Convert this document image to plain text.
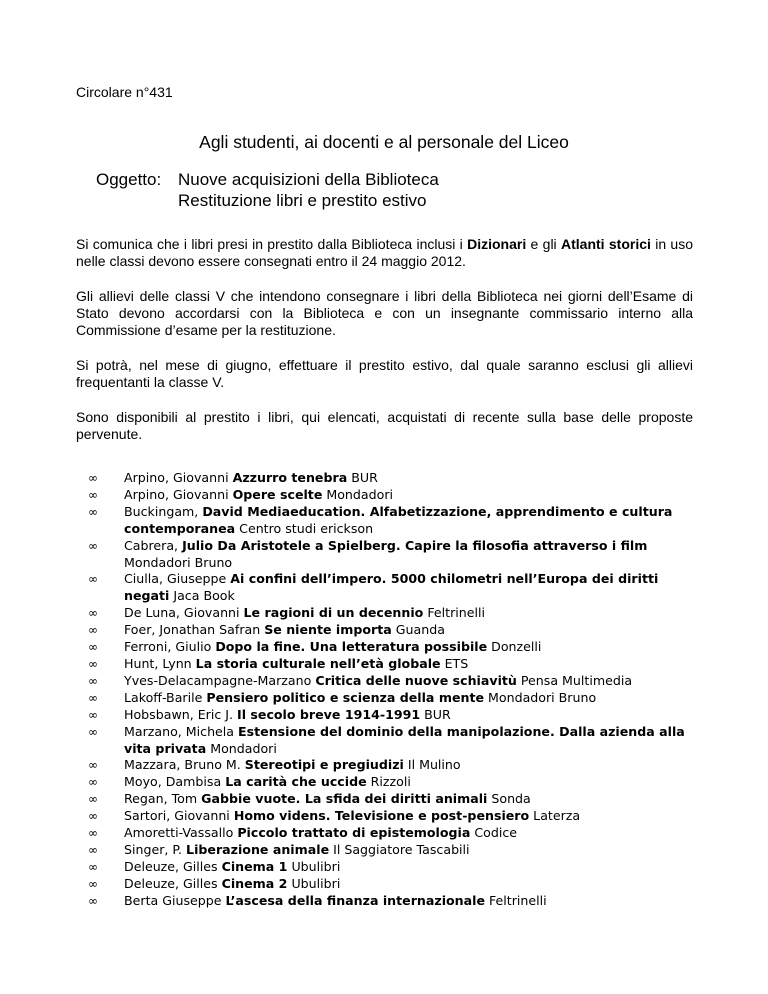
Circolare n°431
Agli studenti, ai docenti e al personale del Liceo
Oggetto: Nuove acquisizioni della Biblioteca
Restituzione libri e prestito estivo
Si comunica che i libri presi in prestito dalla Biblioteca inclusi i Dizionari e gli Atlanti storici in uso nelle classi devono essere consegnati entro il 24 maggio 2012.
Gli allievi delle classi V che intendono consegnare i libri della Biblioteca nei giorni dell’Esame di Stato devono accordarsi con la Biblioteca e con un insegnante commissario interno alla Commissione d’esame per la restituzione.
Si potrà, nel mese di giugno, effettuare il prestito estivo, dal quale saranno esclusi gli allievi frequentanti la classe V.
Sono disponibili al prestito i libri, qui elencati, acquistati di recente sulla base delle proposte pervenute.
∞ Arpino, Giovanni Azzurro tenebra BUR
∞ Arpino, Giovanni Opere scelte Mondadori
∞ Buckingam, David Mediaeducation. Alfabetizzazione, apprendimento e cultura contemporanea Centro studi erickson
∞ Cabrera, Julio Da Aristotele a Spielberg. Capire la filosofia attraverso i film Mondadori Bruno
∞ Ciulla, Giuseppe Ai confini dell’impero. 5000 chilometri nell’Europa dei diritti negati Jaca Book
∞ De Luna, Giovanni Le ragioni di un decennio Feltrinelli
∞ Foer, Jonathan Safran Se niente importa Guanda
∞ Ferroni, Giulio Dopo la fine. Una letteratura possibile Donzelli
∞ Hunt, Lynn La storia culturale nell’età globale ETS
∞ Yves-Delacampagne-Marzano Critica delle nuove schiavitù Pensa Multimedia
∞ Lakoff-Barile Pensiero politico e scienza della mente Mondadori Bruno
∞ Hobsbawn, Eric J. Il secolo breve 1914-1991 BUR
∞ Marzano, Michela Estensione del dominio della manipolazione. Dalla azienda alla vita privata Mondadori
∞ Mazzara, Bruno M. Stereotipi e pregiudizi Il Mulino
∞ Moyo, Dambisa La carità che uccide Rizzoli
∞ Regan, Tom Gabbie vuote. La sfida dei diritti animali Sonda
∞ Sartori, Giovanni Homo videns. Televisione e post-pensiero Laterza
∞ Amoretti-Vassallo Piccolo trattato di epistemologia Codice
∞ Singer, P. Liberazione animale Il Saggiatore Tascabili
∞ Deleuze, Gilles Cinema 1 Ubulibri
∞ Deleuze, Gilles Cinema 2 Ubulibri
∞ Berta Giuseppe L’ascesa della finanza internazionale Feltrinelli
